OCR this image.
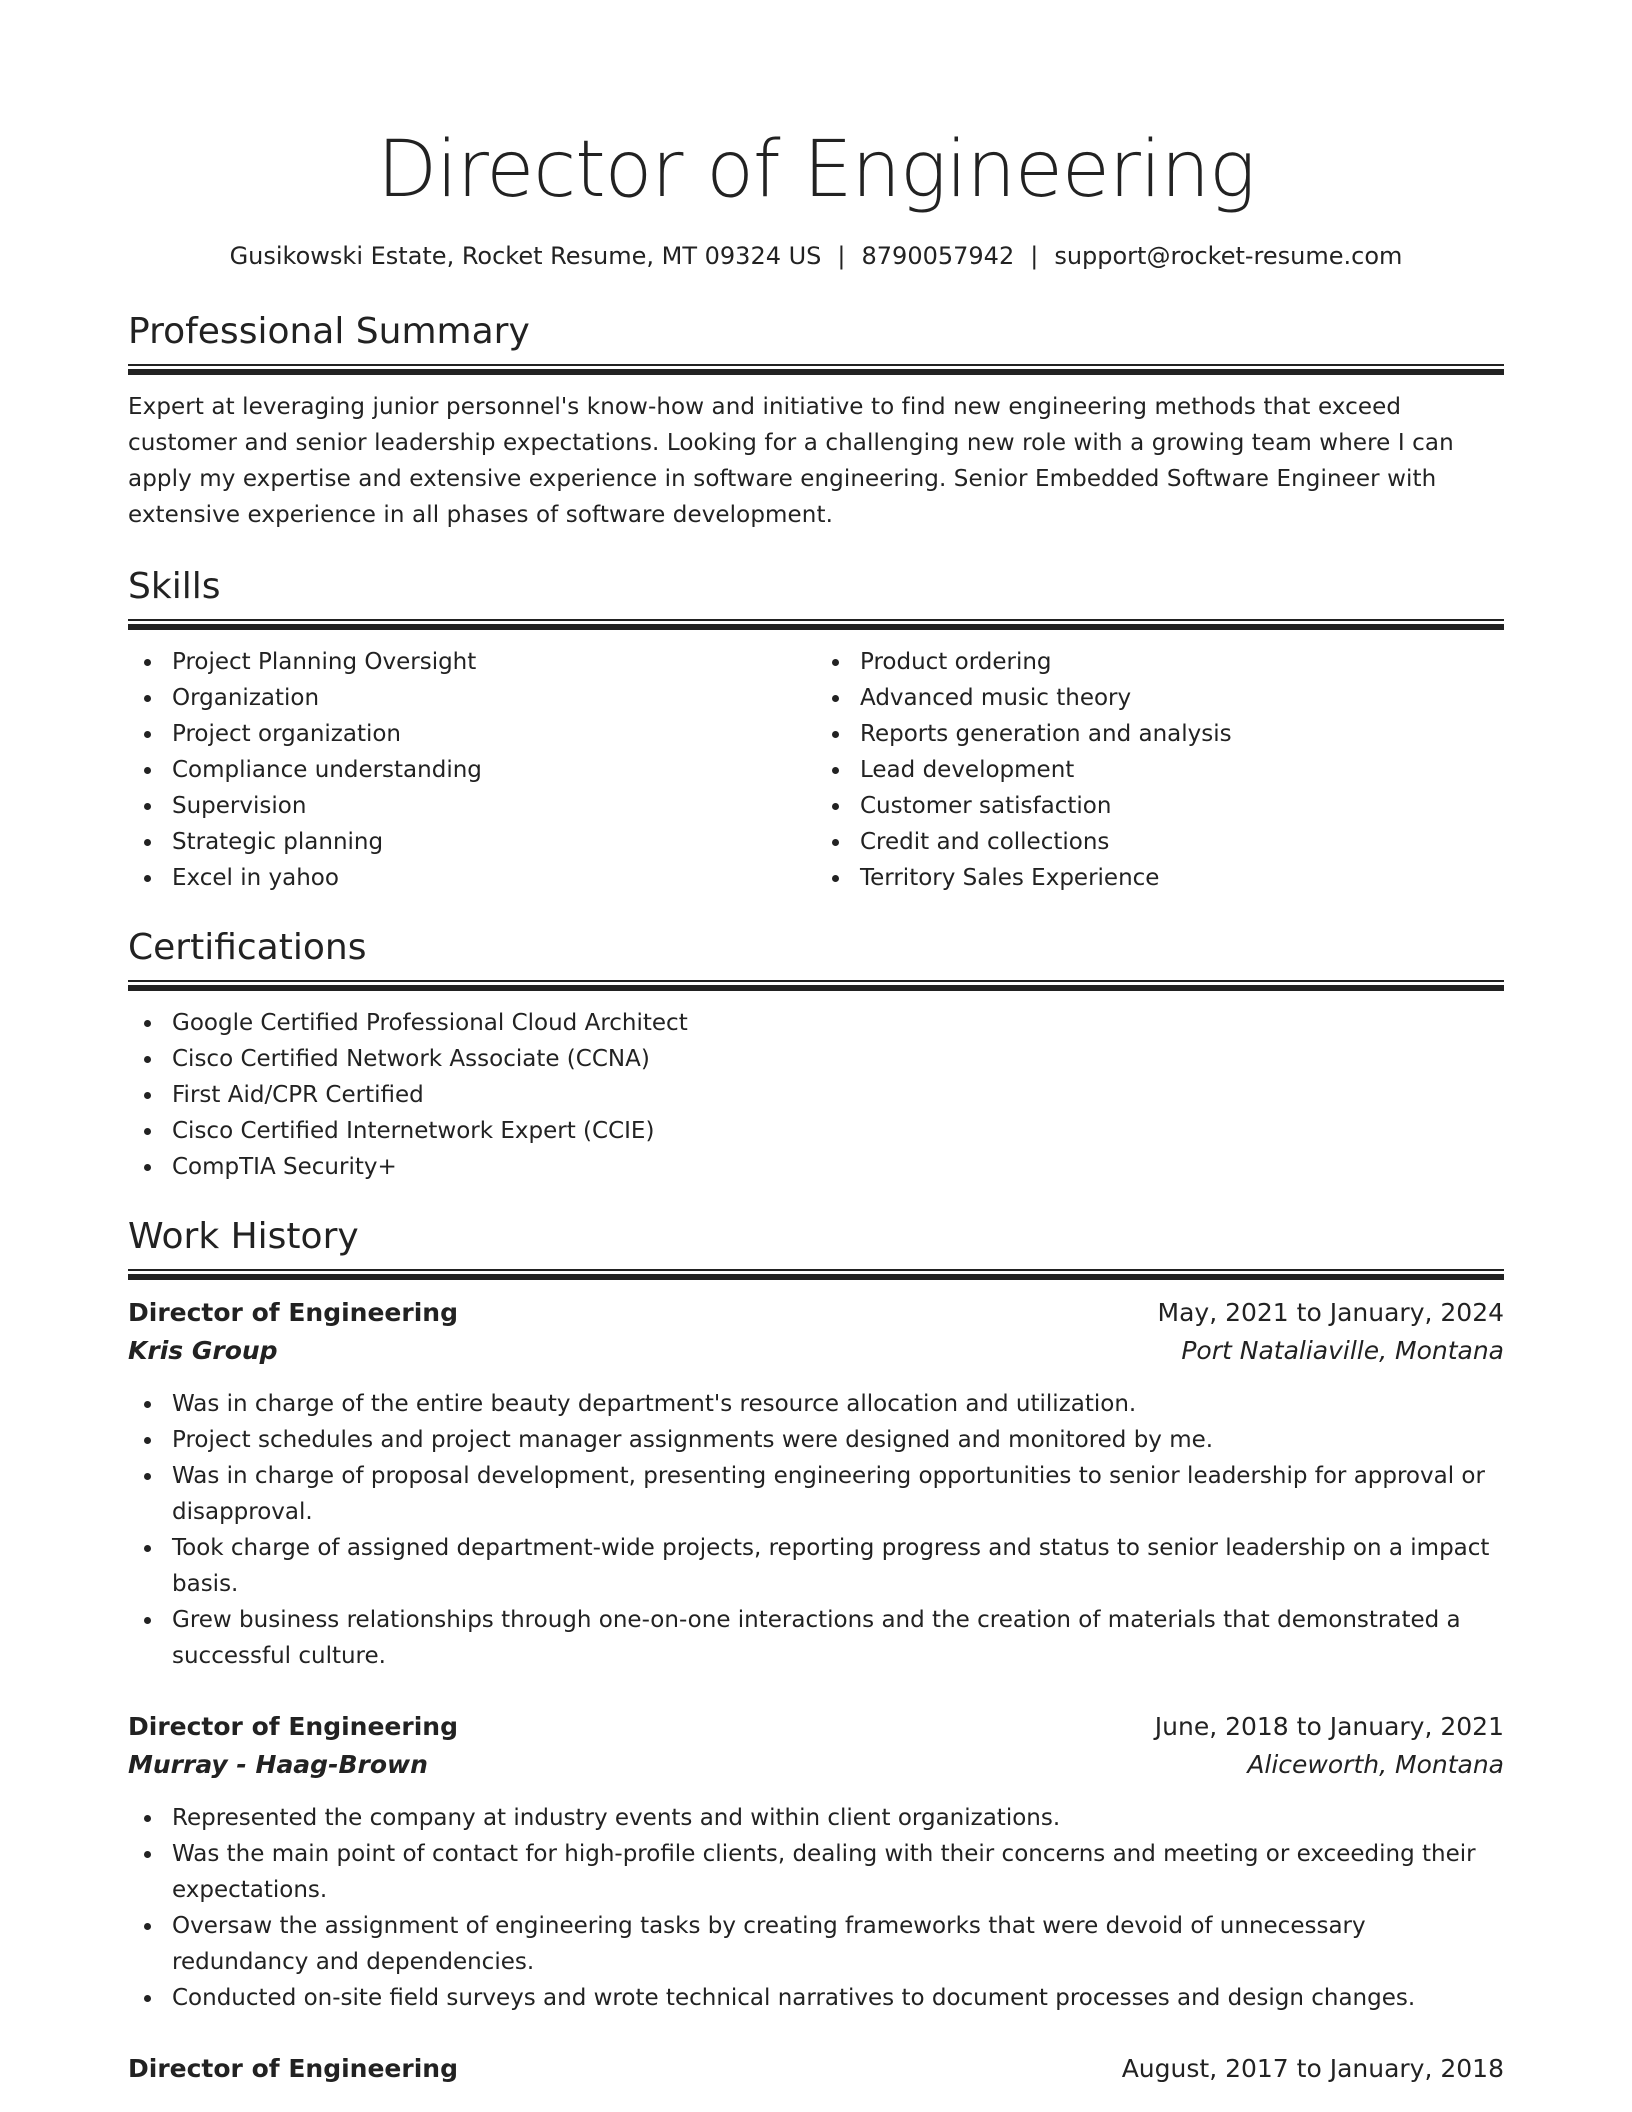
Director of Engineering
Gusikowski Estate, Rocket Resume, MT 09324 US | 8790057942 | support@rocket-resume.com
Professional Summary

Expert at leveraging junior personnel's know-how and initiative to find new engineering methods that exceed customer and senior leadership expectations. Looking for a challenging new role with a growing team where I can apply my expertise and extensive experience in software engineering. Senior Embedded Software Engineer with extensive experience in all phases of software development.

Skills
Project Planning Oversight
Organization
Project organization
Compliance understanding
Supervision
Strategic planning
Excel in yahoo
Product ordering
Advanced music theory
Reports generation and analysis
Lead development
Customer satisfaction
Credit and collections
Territory Sales Experience
Certifications
Google Certified Professional Cloud Architect
Cisco Certified Network Associate (CCNA)
First Aid/CPR Certified
Cisco Certified Internetwork Expert (CCIE)
CompTIA Security+
Work History
Director of Engineering	May, 2021 to January, 2024
Kris Group	Port Nataliaville, Montana
Was in charge of the entire beauty department's resource allocation and utilization.
Project schedules and project manager assignments were designed and monitored by me.
Was in charge of proposal development, presenting engineering opportunities to senior leadership for approval or disapproval.
Took charge of assigned department-wide projects, reporting progress and status to senior leadership on a impact basis.
Grew business relationships through one-on-one interactions and the creation of materials that demonstrated a successful culture.
Director of Engineering	June, 2018 to January, 2021
Murray - Haag-Brown	Aliceworth, Montana
Represented the company at industry events and within client organizations.
Was the main point of contact for high-profile clients, dealing with their concerns and meeting or exceeding their expectations.
Oversaw the assignment of engineering tasks by creating frameworks that were devoid of unnecessary redundancy and dependencies.
Conducted on-site field surveys and wrote technical narratives to document processes and design changes.
Director of Engineering	August, 2017 to January, 2018
